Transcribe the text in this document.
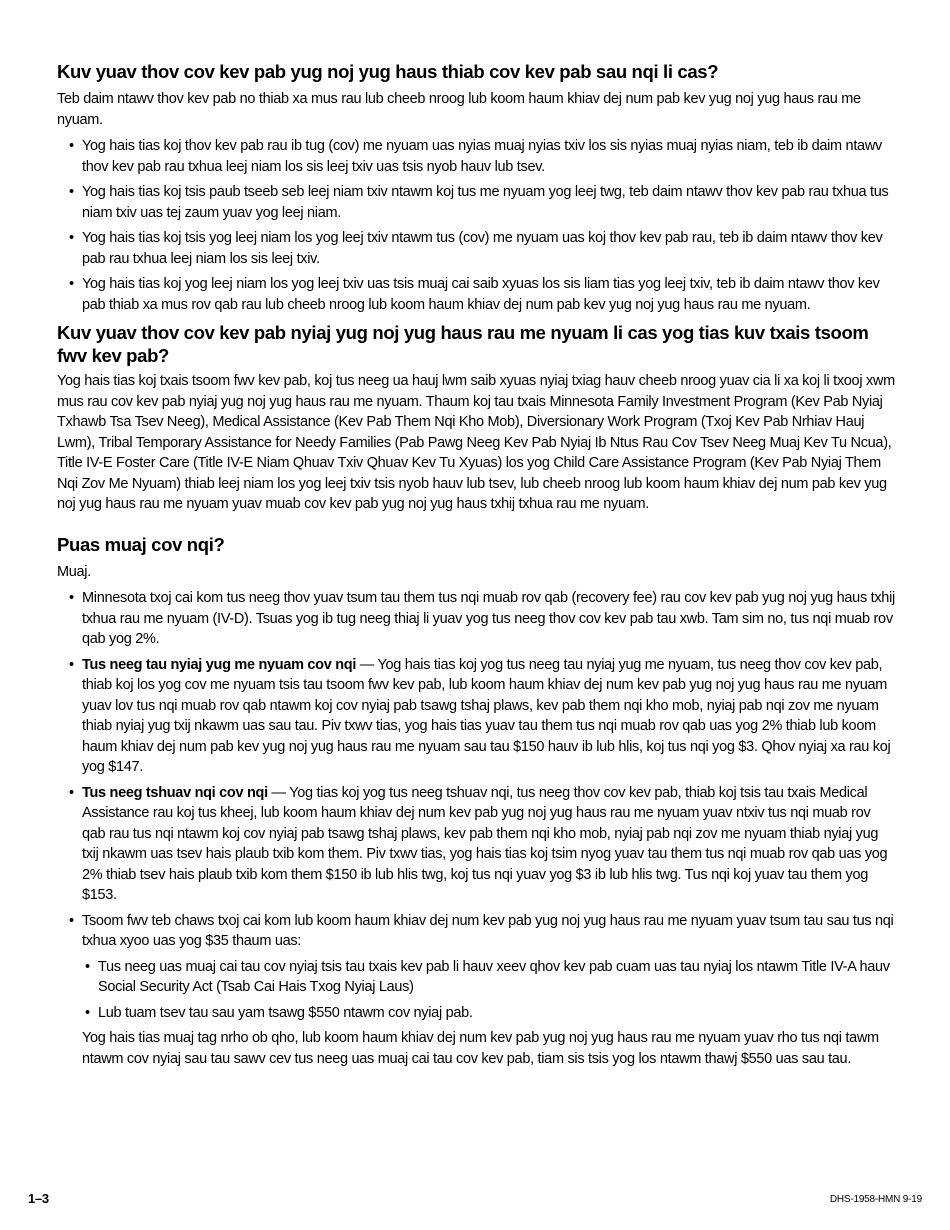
Kuv yuav thov cov kev pab yug noj yug haus thiab cov kev pab sau nqi li cas?

Teb daim ntawv thov kev pab no thiab xa mus rau lub cheeb nroog lub koom haum khiav dej num pab kev yug noj yug haus rau me nyuam.

• Yog hais tias koj thov kev pab rau ib tug (cov) me nyuam uas nyias muaj nyias txiv los sis nyias muaj nyias niam, teb ib daim ntawv thov kev pab rau txhua leej niam los sis leej txiv uas tsis nyob hauv lub tsev.
• Yog hais tias koj tsis paub tseeb seb leej niam txiv ntawm koj tus me nyuam yog leej twg, teb daim ntawv thov kev pab rau txhua tus niam txiv uas tej zaum yuav yog leej niam.
• Yog hais tias koj tsis yog leej niam los yog leej txiv ntawm tus (cov) me nyuam uas koj thov kev pab rau, teb ib daim ntawv thov kev pab rau txhua leej niam los sis leej txiv.
• Yog hais tias koj yog leej niam los yog leej txiv uas tsis muaj cai saib xyuas los sis liam tias yog leej txiv, teb ib daim ntawv thov kev pab thiab xa mus rov qab rau lub cheeb nroog lub koom haum khiav dej num pab kev yug noj yug haus rau me nyuam.
Kuv yuav thov cov kev pab nyiaj yug noj yug haus rau me nyuam li cas yog tias kuv txais tsoom fwv kev pab?

Yog hais tias koj txais tsoom fwv kev pab, koj tus neeg ua hauj lwm saib xyuas nyiaj txiag hauv cheeb nroog yuav cia li xa koj li txooj xwm mus rau cov kev pab nyiaj yug noj yug haus rau me nyuam. Thaum koj tau txais Minnesota Family Investment Program (Kev Pab Nyiaj Txhawb Tsa Tsev Neeg), Medical Assistance (Kev Pab Them Nqi Kho Mob), Diversionary Work Program (Txoj Kev Pab Nrhiav Hauj Lwm), Tribal Temporary Assistance for Needy Families (Pab Pawg Neeg Kev Pab Nyiaj Ib Ntus Rau Cov Tsev Neeg Muaj Kev Tu Ncua), Title IV-E Foster Care (Title IV-E Niam Qhuav Txiv Qhuav Kev Tu Xyuas) los yog Child Care Assistance Program (Kev Pab Nyiaj Them Nqi Zov Me Nyuam) thiab leej niam los yog leej txiv tsis nyob hauv lub tsev, lub cheeb nroog lub koom haum khiav dej num pab kev yug noj yug haus rau me nyuam yuav muab cov kev pab yug noj yug haus txhij txhua rau me nyuam.

Puas muaj cov nqi?

Muaj.

• Minnesota txoj cai kom tus neeg thov yuav tsum tau them tus nqi muab rov qab (recovery fee) rau cov kev pab yug noj yug haus txhij txhua rau me nyuam (IV-D). Tsuas yog ib tug neeg thiaj li yuav yog tus neeg thov cov kev pab tau xwb. Tam sim no, tus nqi muab rov qab yog 2%.
• Tus neeg tau nyiaj yug me nyuam cov nqi — Yog hais tias koj yog tus neeg tau nyiaj yug me nyuam, tus neeg thov cov kev pab, thiab koj los yog cov me nyuam tsis tau tsoom fwv kev pab, lub koom haum khiav dej num kev pab yug noj yug haus rau me nyuam yuav lov tus nqi muab rov qab ntawm koj cov nyiaj pab tsawg tshaj plaws, kev pab them nqi kho mob, nyiaj pab nqi zov me nyuam thiab nyiaj yug txij nkawm uas sau tau. Piv txwv tias, yog hais tias yuav tau them tus nqi muab rov qab uas yog 2% thiab lub koom haum khiav dej num pab kev yug noj yug haus rau me nyuam sau tau $150 hauv ib lub hlis, koj tus nqi yog $3. Qhov nyiaj xa rau koj yog $147.
• Tus neeg tshuav nqi cov nqi — Yog tias koj yog tus neeg tshuav nqi, tus neeg thov cov kev pab, thiab koj tsis tau txais Medical Assistance rau koj tus kheej, lub koom haum khiav dej num kev pab yug noj yug haus rau me nyuam yuav ntxiv tus nqi muab rov qab rau tus nqi ntawm koj cov nyiaj pab tsawg tshaj plaws, kev pab them nqi kho mob, nyiaj pab nqi zov me nyuam thiab nyiaj yug txij nkawm uas tsev hais plaub txib kom them. Piv txwv tias, yog hais tias koj tsim nyog yuav tau them tus nqi muab rov qab uas yog 2% thiab tsev hais plaub txib kom them $150 ib lub hlis twg, koj tus nqi yuav yog $3 ib lub hlis twg. Tus nqi koj yuav tau them yog $153.
• Tsoom fwv teb chaws txoj cai kom lub koom haum khiav dej num kev pab yug noj yug haus rau me nyuam yuav tsum tau sau tus nqi txhua xyoo uas yog $35 thaum uas:
• Tus neeg uas muaj cai tau cov nyiaj tsis tau txais kev pab li hauv xeev qhov kev pab cuam uas tau nyiaj los ntawm Title IV-A hauv Social Security Act (Tsab Cai Hais Txog Nyiaj Laus)
• Lub tuam tsev tau sau yam tsawg $550 ntawm cov nyiaj pab.

Yog hais tias muaj tag nrho ob qho, lub koom haum khiav dej num kev pab yug noj yug haus rau me nyuam yuav rho tus nqi tawm ntawm cov nyiaj sau tau sawv cev tus neeg uas muaj cai tau cov kev pab, tiam sis tsis yog los ntawm thawj $550 uas sau tau.

1–3	DHS-1958-HMN 9-19
